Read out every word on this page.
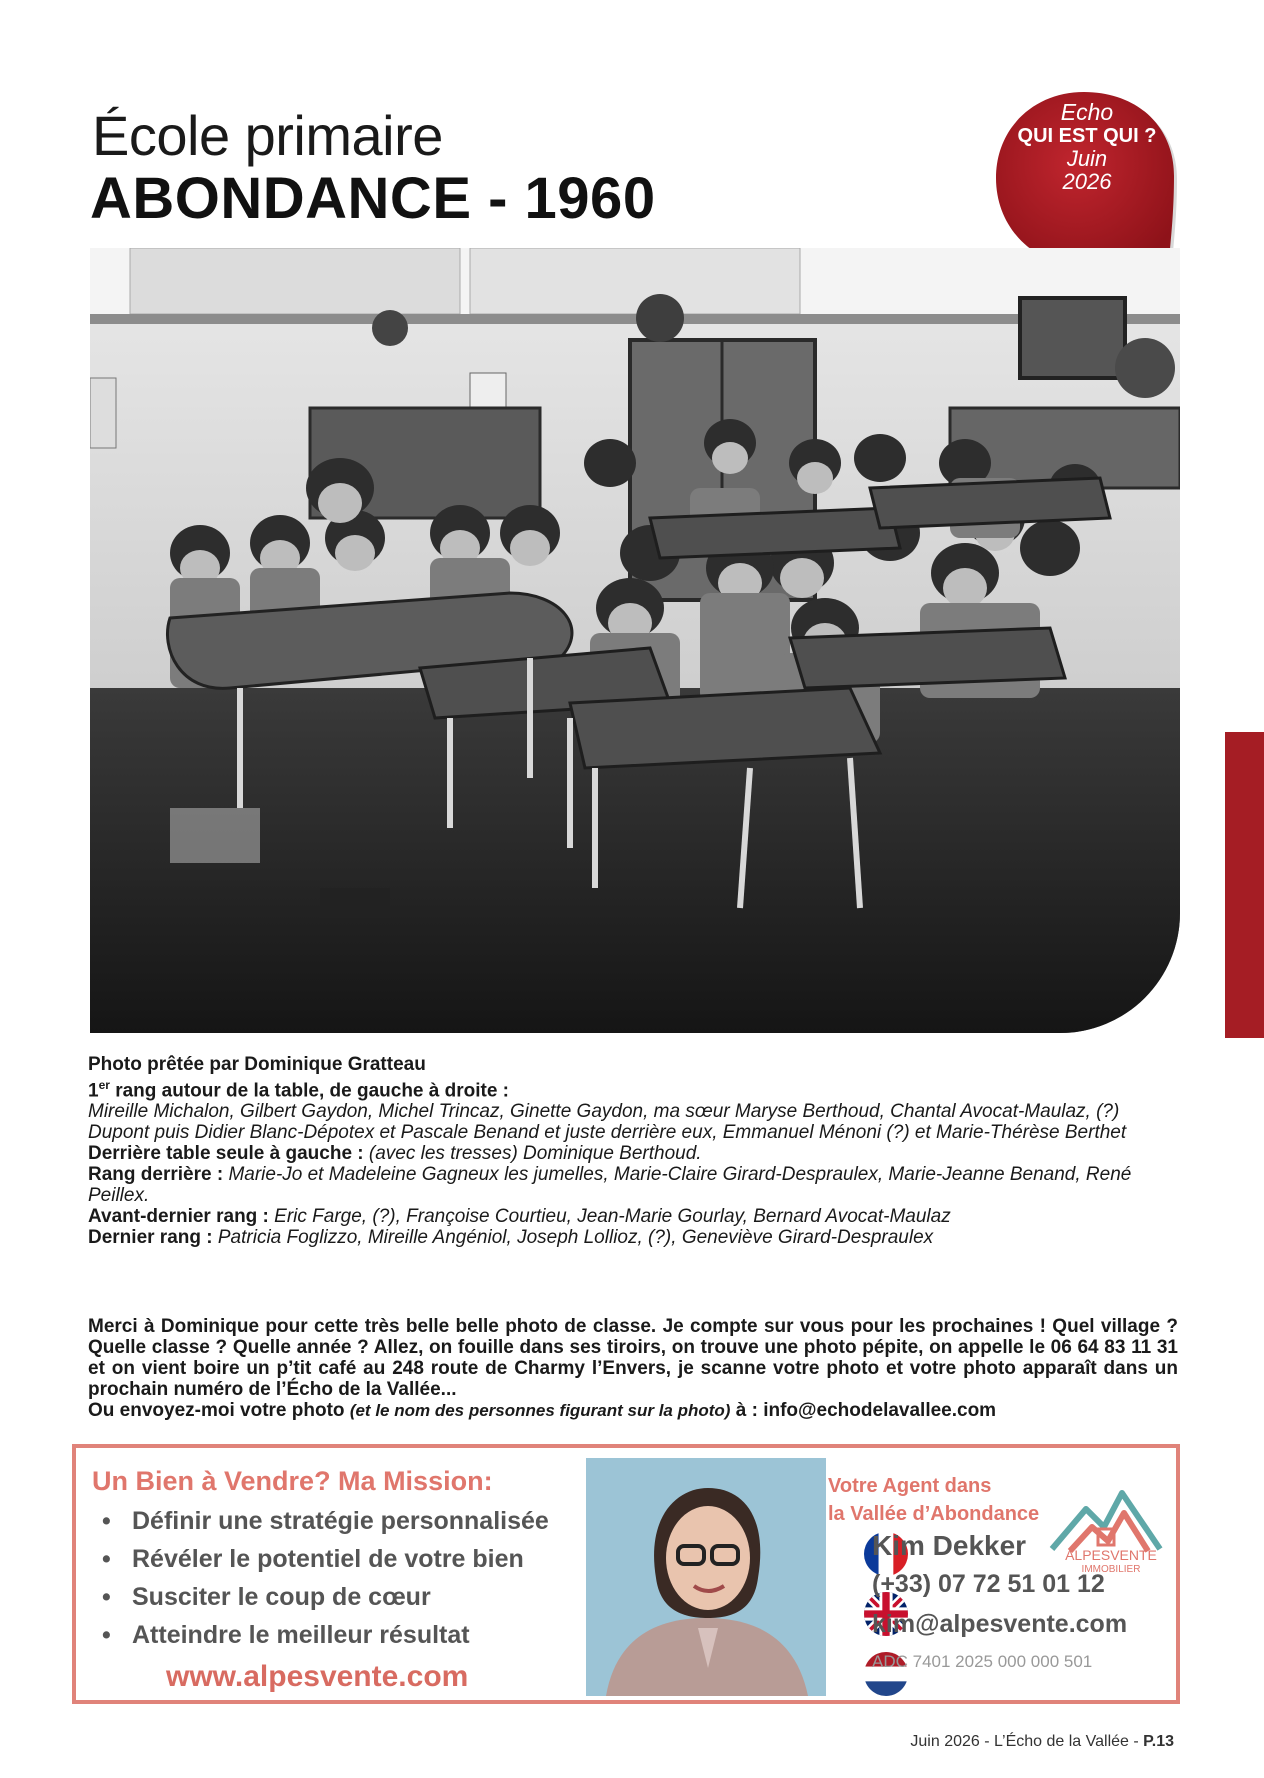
École primaire
ABONDANCE - 1960
Echo
QUI EST QUI ?
Juin
2026

Photo prêtée par Dominique Gratteau

1er rang autour de la table, de gauche à droite :

Mireille Michalon, Gilbert Gaydon, Michel Trincaz, Ginette Gaydon, ma sœur Maryse Berthoud, Chantal Avocat-Maulaz, (?) Dupont puis Didier Blanc-Dépotex et Pascale Benand et juste derrière eux, Emmanuel Ménoni (?) et Marie-Thérèse Berthet

Derrière table seule à gauche : (avec les tresses) Dominique Berthoud.

Rang derrière : Marie-Jo et Madeleine Gagneux les jumelles, Marie-Claire Girard-Despraulex, Marie-Jeanne Benand, René Peillex.

Avant-dernier rang : Eric Farge, (?), Françoise Courtieu, Jean-Marie Gourlay, Bernard Avocat-Maulaz

Dernier rang : Patricia Foglizzo, Mireille Angéniol, Joseph Lollioz, (?), Geneviève Girard-Despraulex

Merci à Dominique pour cette très belle belle photo de classe. Je compte sur vous pour les prochaines ! Quel village ? Quelle classe ? Quelle année ? Allez, on fouille dans ses tiroirs, on trouve une photo pépite, on appelle le 06 64 83 11 31 et on vient boire un p’tit café au 248 route de Charmy l’Envers, je scanne votre photo et votre photo apparaît dans un prochain numéro de l’Écho de la Vallée...

Ou envoyez-moi votre photo (et le nom des personnes figurant sur la photo) à : info@echodelavallee.com

Un Bien à Vendre? Ma Mission:
• Définir une stratégie personnalisée
• Révéler le potentiel de votre bien
• Susciter le coup de cœur
• Atteindre le meilleur résultat
www.alpesvente.com
Votre Agent dans
la Vallée d’Abondance
ALPESVENTE
IMMOBILIER
Kim Dekker
(+33) 07 72 51 01 12
kim@alpesvente.com
ADC 7401 2025 000 000 501
Juin 2026 - L’Écho de la Vallée - P.13
